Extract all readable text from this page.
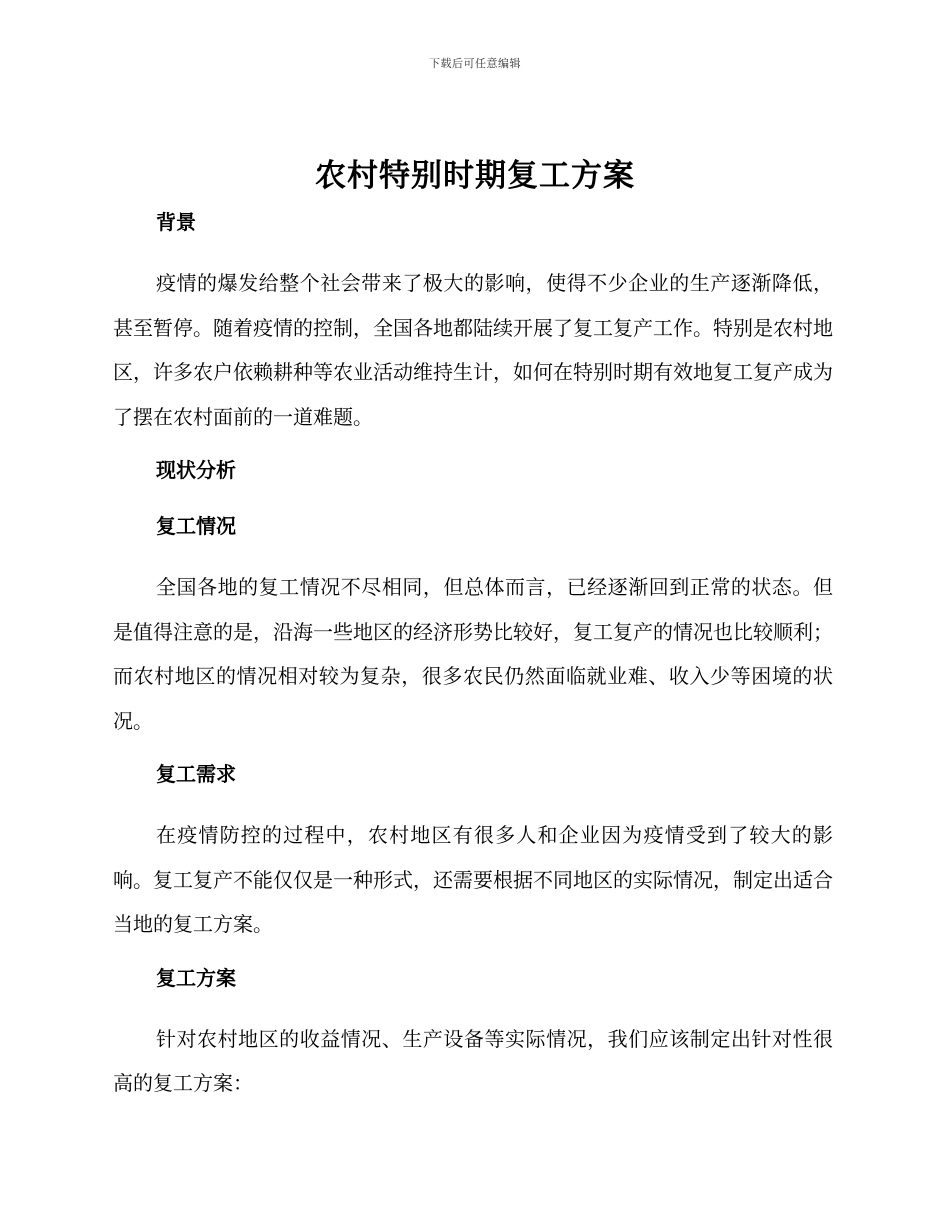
下载后可任意编辑
农村特别时期复工方案
背景

疫情的爆发给整个社会带来了极大的影响，使得不少企业的生产逐渐降低，甚至暂停。随着疫情的控制，全国各地都陆续开展了复工复产工作。特别是农村地区，许多农户依赖耕种等农业活动维持生计，如何在特别时期有效地复工复产成为了摆在农村面前的一道难题。

现状分析
复工情况

全国各地的复工情况不尽相同，但总体而言，已经逐渐回到正常的状态。但是值得注意的是，沿海一些地区的经济形势比较好，复工复产的情况也比较顺利；而农村地区的情况相对较为复杂，很多农民仍然面临就业难、收入少等困境的状况。

复工需求

在疫情防控的过程中，农村地区有很多人和企业因为疫情受到了较大的影响。复工复产不能仅仅是一种形式，还需要根据不同地区的实际情况，制定出适合当地的复工方案。

复工方案

针对农村地区的收益情况、生产设备等实际情况，我们应该制定出针对性很高的复工方案：
